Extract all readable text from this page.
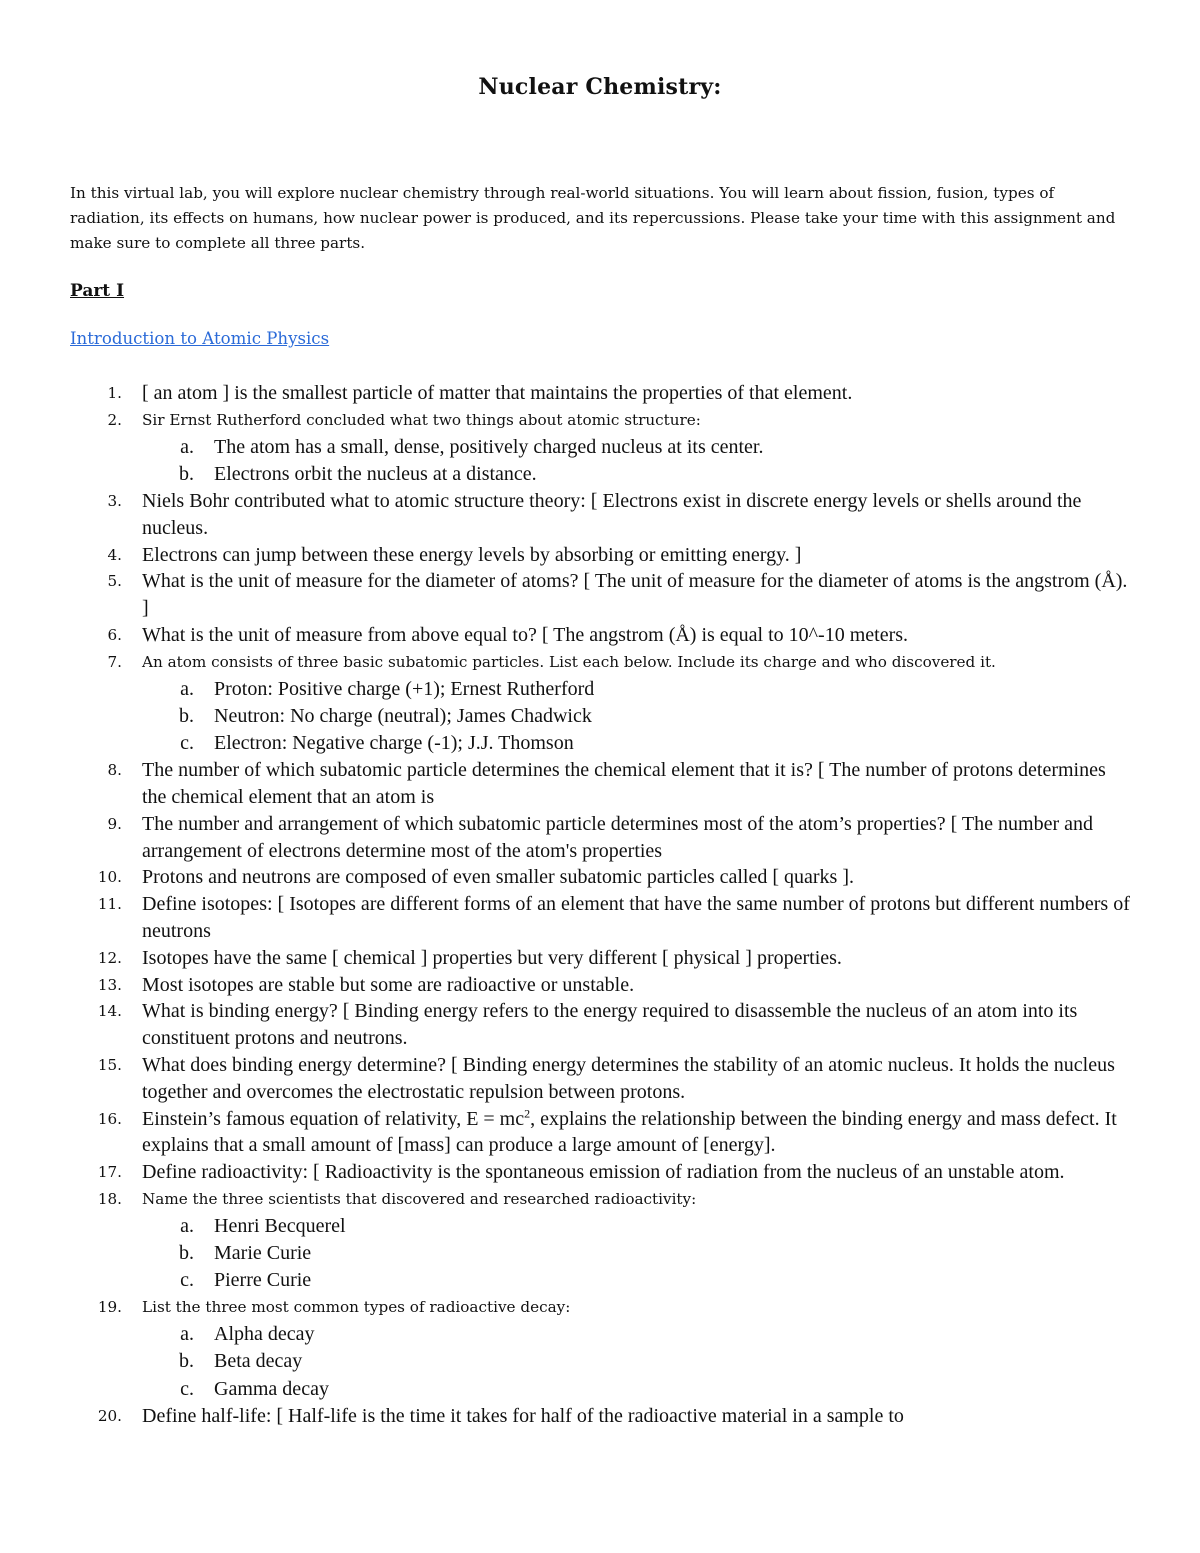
Nuclear Chemistry:
In this virtual lab, you will explore nuclear chemistry through real-world situations. You will learn about fission, fusion, types of radiation, its effects on humans, how nuclear power is produced, and its repercussions. Please take your time with this assignment and make sure to complete all three parts.
Part I
Introduction to Atomic Physics
1. [ an atom ] is the smallest particle of matter that maintains the properties of that element.
2. Sir Ernst Rutherford concluded what two things about atomic structure:
a. The atom has a small, dense, positively charged nucleus at its center.
b. Electrons orbit the nucleus at a distance.
3. Niels Bohr contributed what to atomic structure theory: [ Electrons exist in discrete energy levels or shells around the nucleus.
4. Electrons can jump between these energy levels by absorbing or emitting energy. ]
5. What is the unit of measure for the diameter of atoms? [ The unit of measure for the diameter of atoms is the angstrom (Å). ]
6. What is the unit of measure from above equal to? [ The angstrom (Å) is equal to 10^-10 meters.
7. An atom consists of three basic subatomic particles. List each below. Include its charge and who discovered it.
a. Proton: Positive charge (+1); Ernest Rutherford
b. Neutron: No charge (neutral); James Chadwick
c. Electron: Negative charge (-1); J.J. Thomson
8. The number of which subatomic particle determines the chemical element that it is? [ The number of protons determines the chemical element that an atom is
9. The number and arrangement of which subatomic particle determines most of the atom’s properties? [ The number and arrangement of electrons determine most of the atom's properties
10. Protons and neutrons are composed of even smaller subatomic particles called [ quarks ].
11. Define isotopes: [ Isotopes are different forms of an element that have the same number of protons but different numbers of neutrons
12. Isotopes have the same [ chemical ] properties but very different [ physical ] properties.
13. Most isotopes are stable but some are radioactive or unstable.
14. What is binding energy? [ Binding energy refers to the energy required to disassemble the nucleus of an atom into its constituent protons and neutrons.
15. What does binding energy determine? [ Binding energy determines the stability of an atomic nucleus. It holds the nucleus together and overcomes the electrostatic repulsion between protons.
16. Einstein’s famous equation of relativity, $E = mc^2$, explains the relationship between the binding energy and mass defect. It explains that a small amount of [mass] can produce a large amount of [energy].
17. Define radioactivity: [ Radioactivity is the spontaneous emission of radiation from the nucleus of an unstable atom.
18. Name the three scientists that discovered and researched radioactivity:
a. Henri Becquerel
b. Marie Curie
c. Pierre Curie
19. List the three most common types of radioactive decay:
a. Alpha decay
b. Beta decay
c. Gamma decay
20. Define half-life: [ Half-life is the time it takes for half of the radioactive material in a sample to
